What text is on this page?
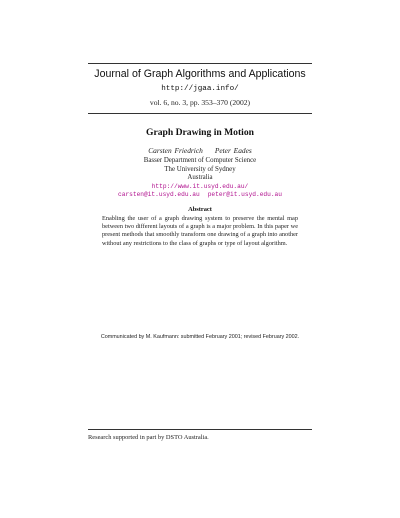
Journal of Graph Algorithms and Applications
http://jgaa.info/
vol. 6, no. 3, pp. 353–370 (2002)
Graph Drawing in Motion
Carsten Friedrich Peter Eades
Basser Department of Computer Science
The University of Sydney
Australia
http://www.it.usyd.edu.au/
carsten@it.usyd.edu.au peter@it.usyd.edu.au
Abstract
Enabling the user of a graph drawing system to preserve the mental map between two different layouts of a graph is a major problem. In this paper we present methods that smoothly transform one drawing of a graph into another without any restrictions to the class of graphs or type of layout algorithm.
Communicated by M. Kaufmann: submitted February 2001; revised February 2002.
Research supported in part by DSTO Australia.
